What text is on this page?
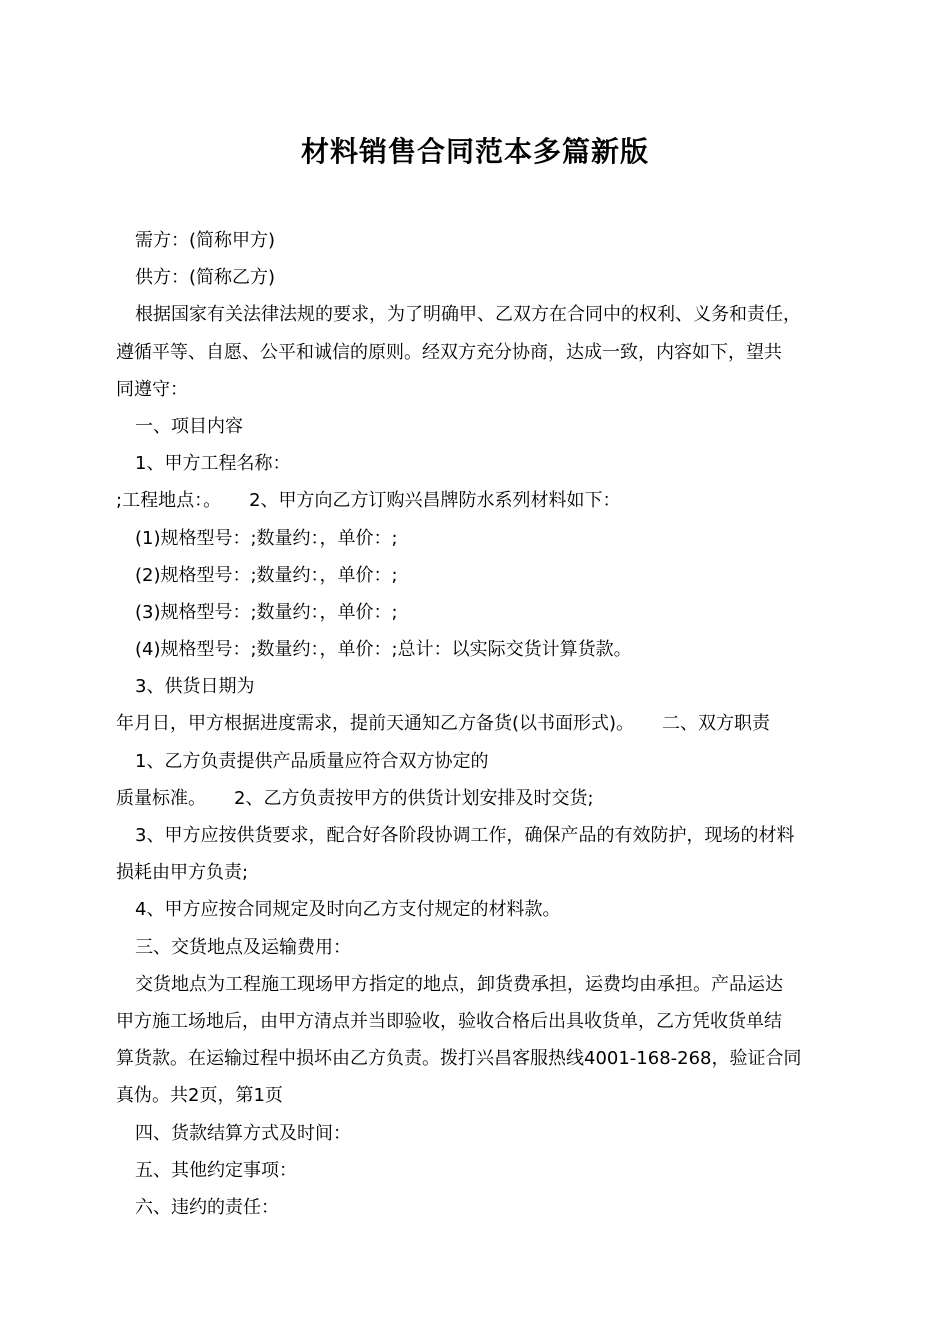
材料销售合同范本多篇新版
需方：(简称甲方)
供方：(简称乙方)
根据国家有关法律法规的要求，为了明确甲、乙双方在合同中的权利、义务和责任，
遵循平等、自愿、公平和诚信的原则。经双方充分协商，达成一致，内容如下，望共
同遵守：
一、项目内容
1、甲方工程名称：
;工程地点：。 2、甲方向乙方订购兴昌牌防水系列材料如下：
(1)规格型号：;数量约：，单价：;
(2)规格型号：;数量约：，单价：;
(3)规格型号：;数量约：，单价：;
(4)规格型号：;数量约：，单价：;总计：以实际交货计算货款。
3、供货日期为
年月日，甲方根据进度需求，提前天通知乙方备货(以书面形式)。 二、双方职责
1、乙方负责提供产品质量应符合双方协定的
质量标准。 2、乙方负责按甲方的供货计划安排及时交货;
3、甲方应按供货要求，配合好各阶段协调工作，确保产品的有效防护，现场的材料
损耗由甲方负责;
4、甲方应按合同规定及时向乙方支付规定的材料款。
三、交货地点及运输费用：
交货地点为工程施工现场甲方指定的地点，卸货费承担，运费均由承担。产品运达
甲方施工场地后，由甲方清点并当即验收，验收合格后出具收货单，乙方凭收货单结
算货款。在运输过程中损坏由乙方负责。拨打兴昌客服热线4001-168-268，验证合同
真伪。共2页，第1页
四、货款结算方式及时间：
五、其他约定事项：
六、违约的责任：
